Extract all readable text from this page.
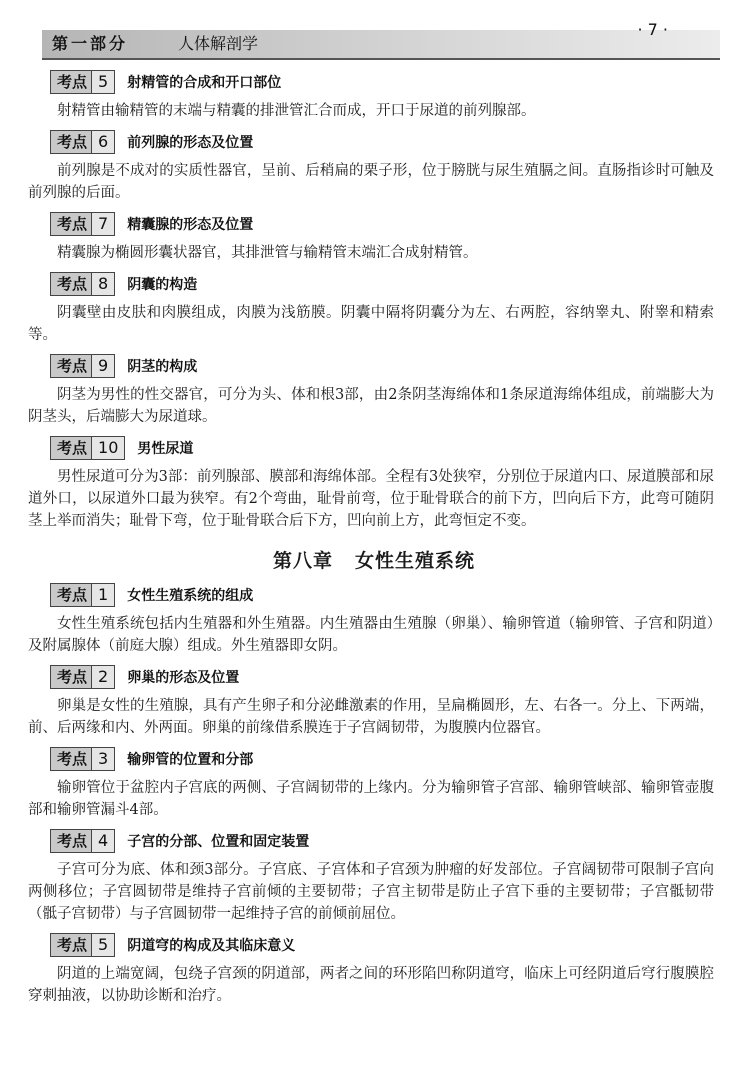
第一部分	人体解剖学
· 7 ·
考点 5	射精管的合成和开口部位

射精管由输精管的末端与精囊的排泄管汇合而成，开口于尿道的前列腺部。

考点 6	前列腺的形态及位置

前列腺是不成对的实质性器官，呈前、后稍扁的栗子形，位于膀胱与尿生殖膈之间。直肠指诊时可触及前列腺的后面。

考点 7	精囊腺的形态及位置

精囊腺为椭圆形囊状器官，其排泄管与输精管末端汇合成射精管。

考点 8	阴囊的构造

阴囊壁由皮肤和肉膜组成，肉膜为浅筋膜。阴囊中隔将阴囊分为左、右两腔，容纳睾丸、附睾和精索等。

考点 9	阴茎的构成

阴茎为男性的性交器官，可分为头、体和根3部，由2条阴茎海绵体和1条尿道海绵体组成，前端膨大为阴茎头，后端膨大为尿道球。

考点 10	男性尿道

男性尿道可分为3部：前列腺部、膜部和海绵体部。全程有3处狭窄，分别位于尿道内口、尿道膜部和尿道外口，以尿道外口最为狭窄。有2个弯曲，耻骨前弯，位于耻骨联合的前下方，凹向后下方，此弯可随阴茎上举而消失；耻骨下弯，位于耻骨联合后下方，凹向前上方，此弯恒定不变。

第八章 女性生殖系统
考点 1	女性生殖系统的组成

女性生殖系统包括内生殖器和外生殖器。内生殖器由生殖腺（卵巢）、输卵管道（输卵管、子宫和阴道）及附属腺体（前庭大腺）组成。外生殖器即女阴。

考点 2	卵巢的形态及位置

卵巢是女性的生殖腺，具有产生卵子和分泌雌激素的作用，呈扁椭圆形，左、右各一。分上、下两端，前、后两缘和内、外两面。卵巢的前缘借系膜连于子宫阔韧带，为腹膜内位器官。

考点 3	输卵管的位置和分部

输卵管位于盆腔内子宫底的两侧、子宫阔韧带的上缘内。分为输卵管子宫部、输卵管峡部、输卵管壶腹部和输卵管漏斗4部。

考点 4	子宫的分部、位置和固定装置

子宫可分为底、体和颈3部分。子宫底、子宫体和子宫颈为肿瘤的好发部位。子宫阔韧带可限制子宫向两侧移位；子宫圆韧带是维持子宫前倾的主要韧带；子宫主韧带是防止子宫下垂的主要韧带；子宫骶韧带（骶子宫韧带）与子宫圆韧带一起维持子宫的前倾前屈位。

考点 5	阴道穹的构成及其临床意义

阴道的上端宽阔，包绕子宫颈的阴道部，两者之间的环形陷凹称阴道穹，临床上可经阴道后穹行腹膜腔穿刺抽液，以协助诊断和治疗。
